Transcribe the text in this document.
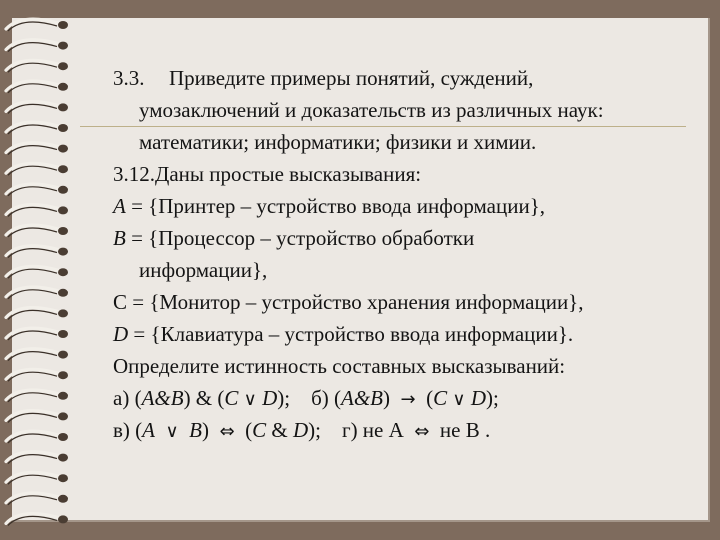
3.3. Приведите примеры понятий, суждений,
умозаключений и доказательств из различных наук:
математики; информатики; физики и химии.
3.12.Даны простые высказывания:
A = {Принтер – устройство ввода информации},
B = {Процессор – устройство обработки
информации},
С = {Монитор – устройство хранения информации},
D = {Клавиатура – устройство ввода информации}.
Определите истинность составных высказываний:
а) (A&B) & (C ∨ D);    б) (A&B)  →  (C ∨ D);
в) (A ∨ B)  ⇔  (C & D);    г) не А  ⇔  не В .
